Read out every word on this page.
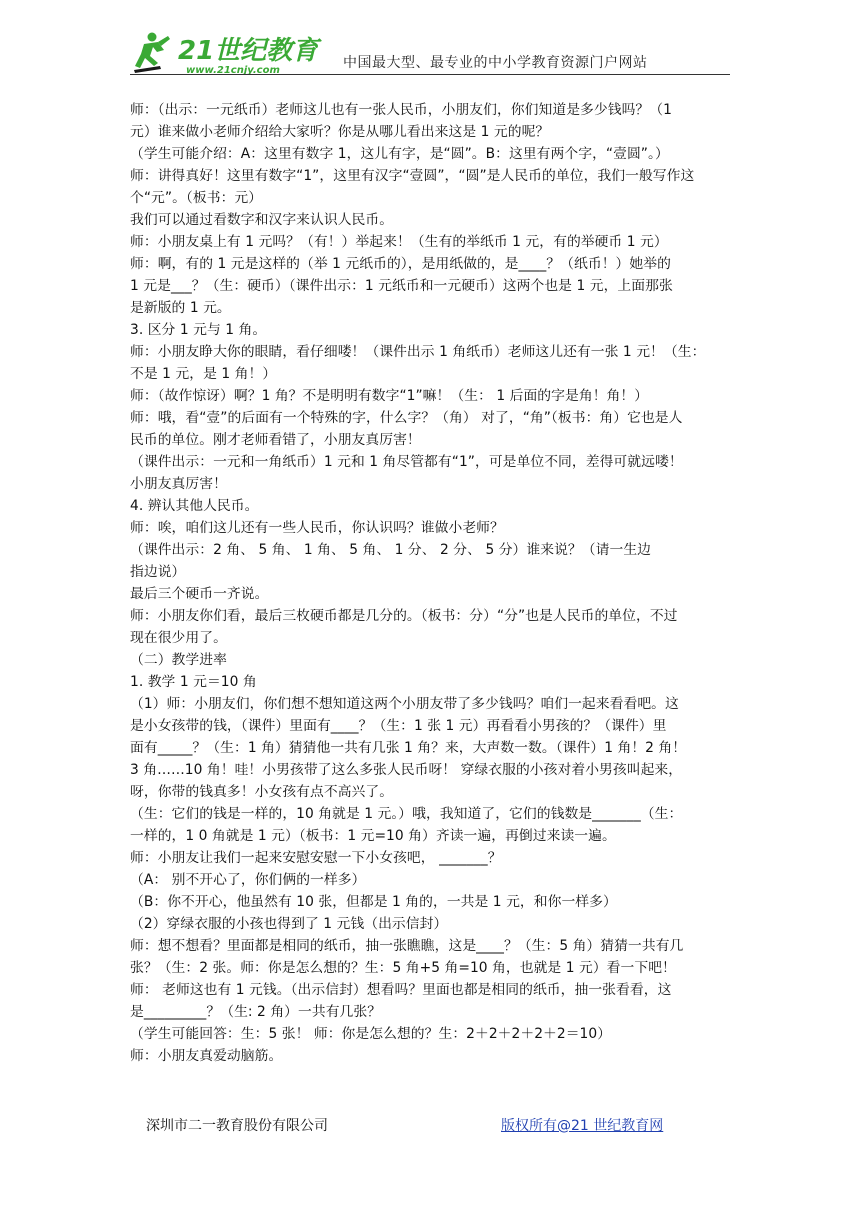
21世纪教育
www.21cnjy.com	中国最大型、最专业的中小学教育资源门户网站
师：（出示：一元纸币）老师这儿也有一张人民币，小朋友们，你们知道是多少钱吗？（1
元）谁来做小老师介绍给大家听？你是从哪儿看出来这是 1 元的呢？
（学生可能介绍：A：这里有数字 1，这儿有字，是“圆”。B：这里有两个字，“壹圆”。）
师：讲得真好！这里有数字“1”，这里有汉字“壹圆”，“圆”是人民币的单位，我们一般写作这
个“元”。（板书：元）
我们可以通过看数字和汉字来认识人民币。
师：小朋友桌上有 1 元吗？（有！）举起来！（生有的举纸币 1 元，有的举硬币 1 元）
师：啊，有的 1 元是这样的（举 1 元纸币的），是用纸做的，是____？（纸币！）她举的
1 元是___？（生：硬币）（课件出示：1 元纸币和一元硬币）这两个也是 1 元，上面那张
是新版的 1 元。
3. 区分 1 元与 1 角。
师：小朋友睁大你的眼睛，看仔细喽！（课件出示 1 角纸币）老师这儿还有一张 1 元！（生：
不是 1 元，是 1 角！）
师：（故作惊讶）啊？1 角？不是明明有数字“1”嘛！（生： 1 后面的字是角！角！）
师：哦，看“壹”的后面有一个特殊的字，什么字？（角） 对了，“角”（板书：角）它也是人
民币的单位。刚才老师看错了，小朋友真厉害！
（课件出示：一元和一角纸币）1 元和 1 角尽管都有“1”，可是单位不同，差得可就远喽！
小朋友真厉害！
4. 辨认其他人民币。
师：唉，咱们这儿还有一些人民币，你认识吗？谁做小老师？
（课件出示：2 角、 5 角、 1 角、 5 角、 1 分、 2 分、 5 分）谁来说？（请一生边
指边说）
最后三个硬币一齐说。
师：小朋友你们看，最后三枚硬币都是几分的。（板书：分）“分”也是人民币的单位，不过
现在很少用了。
（二）教学进率
1. 教学 1 元＝10 角
（1）师：小朋友们，你们想不想知道这两个小朋友带了多少钱吗？咱们一起来看看吧。这
是小女孩带的钱，（课件）里面有____？（生：1 张 1 元）再看看小男孩的？（课件）里
面有_____？（生：1 角）猜猜他一共有几张 1 角？来，大声数一数。（课件）1 角！2 角！
3 角……10 角！哇！小男孩带了这么多张人民币呀！ 穿绿衣服的小孩对着小男孩叫起来，
呀，你带的钱真多！小女孩有点不高兴了。
（生：它们的钱是一样的，10 角就是 1 元。）哦，我知道了，它们的钱数是_______（生：
一样的，1 0 角就是 1 元）（板书：1 元=10 角）齐读一遍，再倒过来读一遍。
师：小朋友让我们一起来安慰安慰一下小女孩吧， _______？
（A： 别不开心了，你们俩的一样多）
（B：你不开心，他虽然有 10 张，但都是 1 角的，一共是 1 元，和你一样多）
（2）穿绿衣服的小孩也得到了 1 元钱（出示信封）
师：想不想看？里面都是相同的纸币，抽一张瞧瞧，这是____？（生：5 角）猜猜一共有几
张？（生：2 张。师：你是怎么想的？生：5 角+5 角=10 角，也就是 1 元）看一下吧！
师： 老师这也有 1 元钱。（出示信封）想看吗？里面也都是相同的纸币，抽一张看看，这
是_________？（生: 2 角）一共有几张？
（学生可能回答：生：5 张！ 师：你是怎么想的？生：2＋2＋2＋2＋2＝10）
师：小朋友真爱动脑筋。
深圳市二一教育股份有限公司	版权所有@21 世纪教育网
